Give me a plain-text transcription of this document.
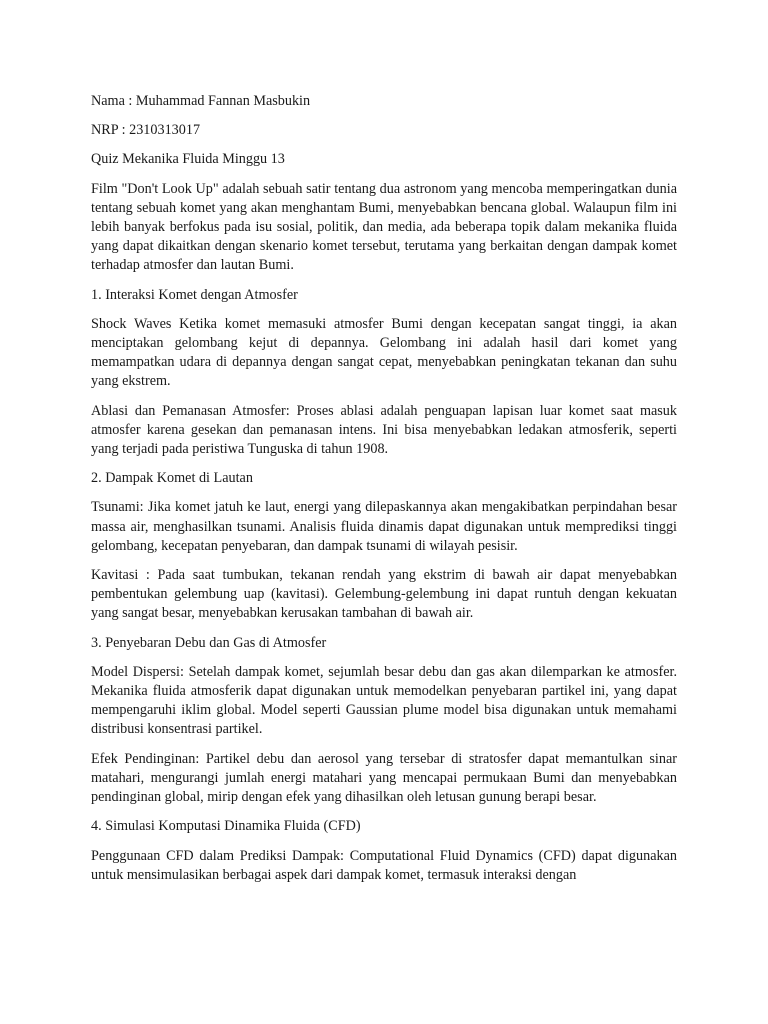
Nama : Muhammad Fannan Masbukin

NRP : 2310313017

Quiz Mekanika Fluida Minggu 13

Film "Don't Look Up" adalah sebuah satir tentang dua astronom yang mencoba memperingatkan dunia tentang sebuah komet yang akan menghantam Bumi, menyebabkan bencana global. Walaupun film ini lebih banyak berfokus pada isu sosial, politik, dan media, ada beberapa topik dalam mekanika fluida yang dapat dikaitkan dengan skenario komet tersebut, terutama yang berkaitan dengan dampak komet terhadap atmosfer dan lautan Bumi.

1. Interaksi Komet dengan Atmosfer

Shock Waves Ketika komet memasuki atmosfer Bumi dengan kecepatan sangat tinggi, ia akan menciptakan gelombang kejut di depannya. Gelombang ini adalah hasil dari komet yang memampatkan udara di depannya dengan sangat cepat, menyebabkan peningkatan tekanan dan suhu yang ekstrem.

Ablasi dan Pemanasan Atmosfer: Proses ablasi adalah penguapan lapisan luar komet saat masuk atmosfer karena gesekan dan pemanasan intens. Ini bisa menyebabkan ledakan atmosferik, seperti yang terjadi pada peristiwa Tunguska di tahun 1908.

2. Dampak Komet di Lautan

Tsunami: Jika komet jatuh ke laut, energi yang dilepaskannya akan mengakibatkan perpindahan besar massa air, menghasilkan tsunami. Analisis fluida dinamis dapat digunakan untuk memprediksi tinggi gelombang, kecepatan penyebaran, dan dampak tsunami di wilayah pesisir.

Kavitasi : Pada saat tumbukan, tekanan rendah yang ekstrim di bawah air dapat menyebabkan pembentukan gelembung uap (kavitasi). Gelembung-gelembung ini dapat runtuh dengan kekuatan yang sangat besar, menyebabkan kerusakan tambahan di bawah air.

3. Penyebaran Debu dan Gas di Atmosfer

Model Dispersi: Setelah dampak komet, sejumlah besar debu dan gas akan dilemparkan ke atmosfer. Mekanika fluida atmosferik dapat digunakan untuk memodelkan penyebaran partikel ini, yang dapat mempengaruhi iklim global. Model seperti Gaussian plume model bisa digunakan untuk memahami distribusi konsentrasi partikel.

Efek Pendinginan: Partikel debu dan aerosol yang tersebar di stratosfer dapat memantulkan sinar matahari, mengurangi jumlah energi matahari yang mencapai permukaan Bumi dan menyebabkan pendinginan global, mirip dengan efek yang dihasilkan oleh letusan gunung berapi besar.

4. Simulasi Komputasi Dinamika Fluida (CFD)

Penggunaan CFD dalam Prediksi Dampak: Computational Fluid Dynamics (CFD) dapat digunakan untuk mensimulasikan berbagai aspek dari dampak komet, termasuk interaksi dengan
